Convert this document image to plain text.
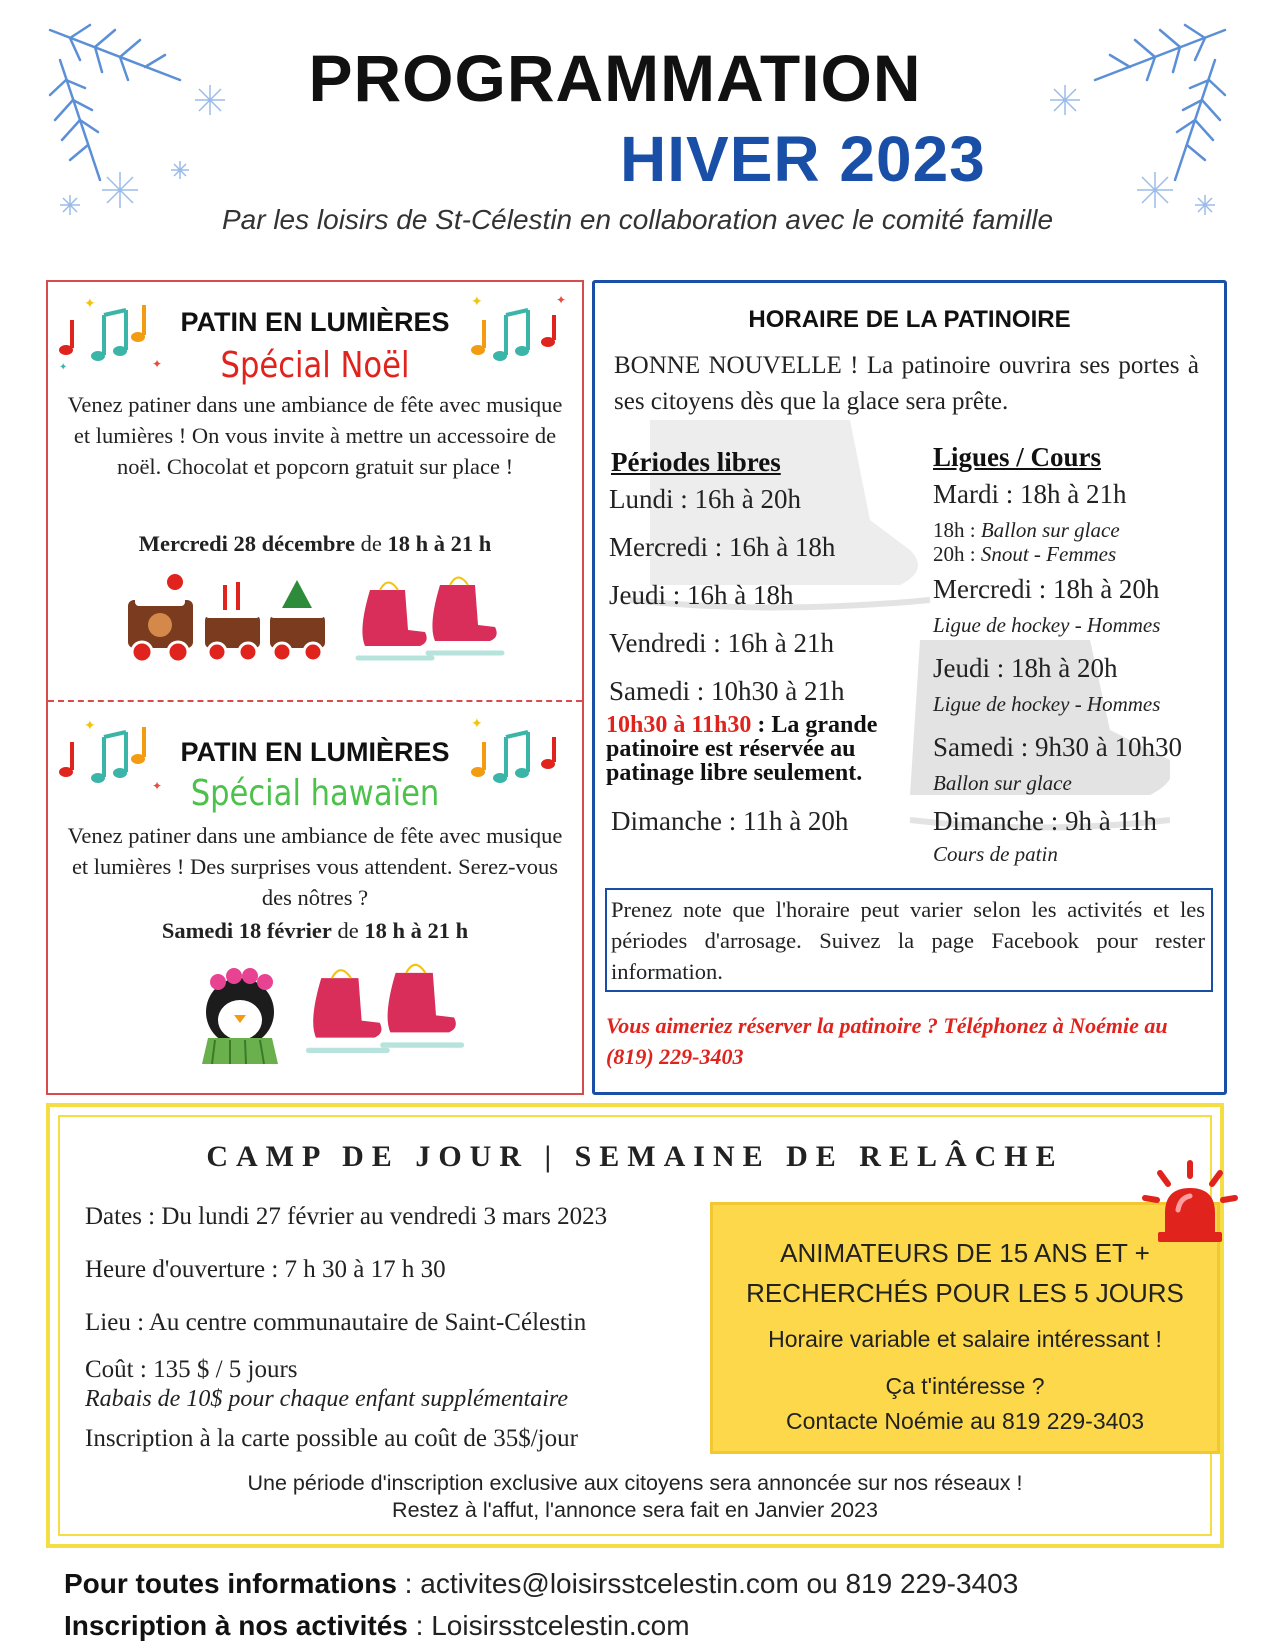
PROGRAMMATION
HIVER 2023
Par les loisirs de St-Célestin en collaboration avec le comité famille
✦
✦
✦
✦	✦
PATIN EN LUMIÈRES
Spécial Noël
Venez patiner dans une ambiance de fête avec musique et lumières ! On vous invite à mettre un accessoire de noël. Chocolat et popcorn gratuit sur place !
Mercredi 28 décembre de 18 h à 21 h
✦
✦
✦
PATIN EN LUMIÈRES
Spécial hawaïen
Venez patiner dans une ambiance de fête avec musique et lumières ! Des surprises vous attendent. Serez-vous des nôtres ?
Samedi 18 février de 18 h à 21 h
HORAIRE DE LA PATINOIRE
BONNE NOUVELLE ! La patinoire ouvrira ses portes à ses citoyens dès que la glace sera prête.
Périodes libres
Lundi : 16h à 20h
Mercredi : 16h à 18h
Jeudi : 16h à 18h
Vendredi : 16h à 21h
Samedi : 10h30 à 21h
10h30 à 11h30 : La grande patinoire est réservée au patinage libre seulement.
Dimanche : 11h à 20h
Ligues / Cours
Mardi : 18h à 21h
18h : Ballon sur glace
20h : Snout - Femmes
Mercredi : 18h à 20h
Ligue de hockey - Hommes
Jeudi : 18h à 20h
Ligue de hockey - Hommes
Samedi : 9h30 à 10h30
Ballon sur glace
Dimanche : 9h à 11h
Cours de patin
Prenez note que l'horaire peut varier selon les activités et les périodes d'arrosage. Suivez la page Facebook pour rester information.
Vous aimeriez réserver la patinoire ? Téléphonez à Noémie au (819) 229-3403
CAMP DE JOUR | SEMAINE DE RELÂCHE
Dates : Du lundi 27 février au vendredi 3 mars 2023
Heure d'ouverture : 7 h 30 à 17 h 30
Lieu : Au centre communautaire de Saint-Célestin
Coût : 135 $ / 5 jours
Rabais de 10$ pour chaque enfant supplémentaire
Inscription à la carte possible au coût de 35$/jour
ANIMATEURS DE 15 ANS ET +
RECHERCHÉS POUR LES 5 JOURS
Horaire variable et salaire intéressant !
Ça t'intéresse ?
Contacte Noémie au 819 229-3403
Une période d'inscription exclusive aux citoyens sera annoncée sur nos réseaux !
Restez à l'affut, l'annonce sera fait en Janvier 2023
Pour toutes informations : activites@loisirsstcelestin.com ou 819 229-3403
Inscription à nos activités : Loisirsstcelestin.com
